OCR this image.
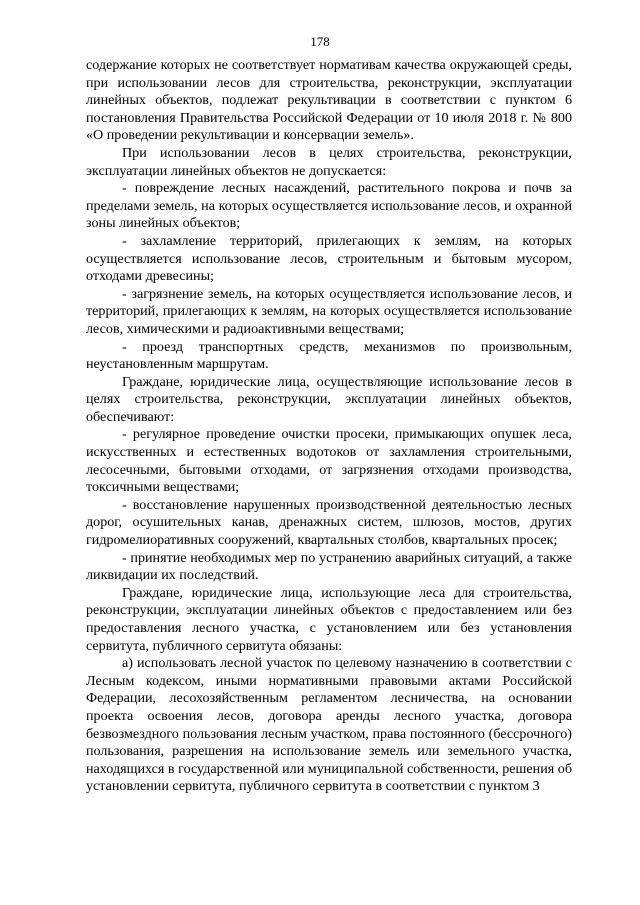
178

содержание которых не соответствует нормативам качества окружающей среды, при использовании лесов для строительства, реконструкции, эксплуатации линейных объектов, подлежат рекультивации в соответствии с пунктом 6 постановления Правительства Российской Федерации от 10 июля 2018 г. № 800 «О проведении рекультивации и консервации земель».

При использовании лесов в целях строительства, реконструкции, эксплуатации линейных объектов не допускается:

- повреждение лесных насаждений, растительного покрова и почв за пределами земель, на которых осуществляется использование лесов, и охранной зоны линейных объектов;

- захламление территорий, прилегающих к землям, на которых осуществляется использование лесов, строительным и бытовым мусором, отходами древесины;

- загрязнение земель, на которых осуществляется использование лесов, и территорий, прилегающих к землям, на которых осуществляется использование лесов, химическими и радиоактивными веществами;

- проезд транспортных средств, механизмов по произвольным, неустановленным маршрутам.

Граждане, юридические лица, осуществляющие использование лесов в целях строительства, реконструкции, эксплуатации линейных объектов, обеспечивают:

- регулярное проведение очистки просеки, примыкающих опушек леса, искусственных и естественных водотоков от захламления строительными, лесосечными, бытовыми отходами, от загрязнения отходами производства, токсичными веществами;

- восстановление нарушенных производственной деятельностью лесных дорог, осушительных канав, дренажных систем, шлюзов, мостов, других гидромелиоративных сооружений, квартальных столбов, квартальных просек;

- принятие необходимых мер по устранению аварийных ситуаций, а также ликвидации их последствий.

Граждане, юридические лица, использующие леса для строительства, реконструкции, эксплуатации линейных объектов с предоставлением или без предоставления лесного участка, с установлением или без установления сервитута, публичного сервитута обязаны:

а) использовать лесной участок по целевому назначению в соответствии с Лесным кодексом, иными нормативными правовыми актами Российской Федерации, лесохозяйственным регламентом лесничества, на основании проекта освоения лесов, договора аренды лесного участка, договора безвозмездного пользования лесным участком, права постоянного (бессрочного) пользования, разрешения на использование земель или земельного участка, находящихся в государственной или муниципальной собственности, решения об установлении сервитута, публичного сервитута в соответствии с пунктом 3
